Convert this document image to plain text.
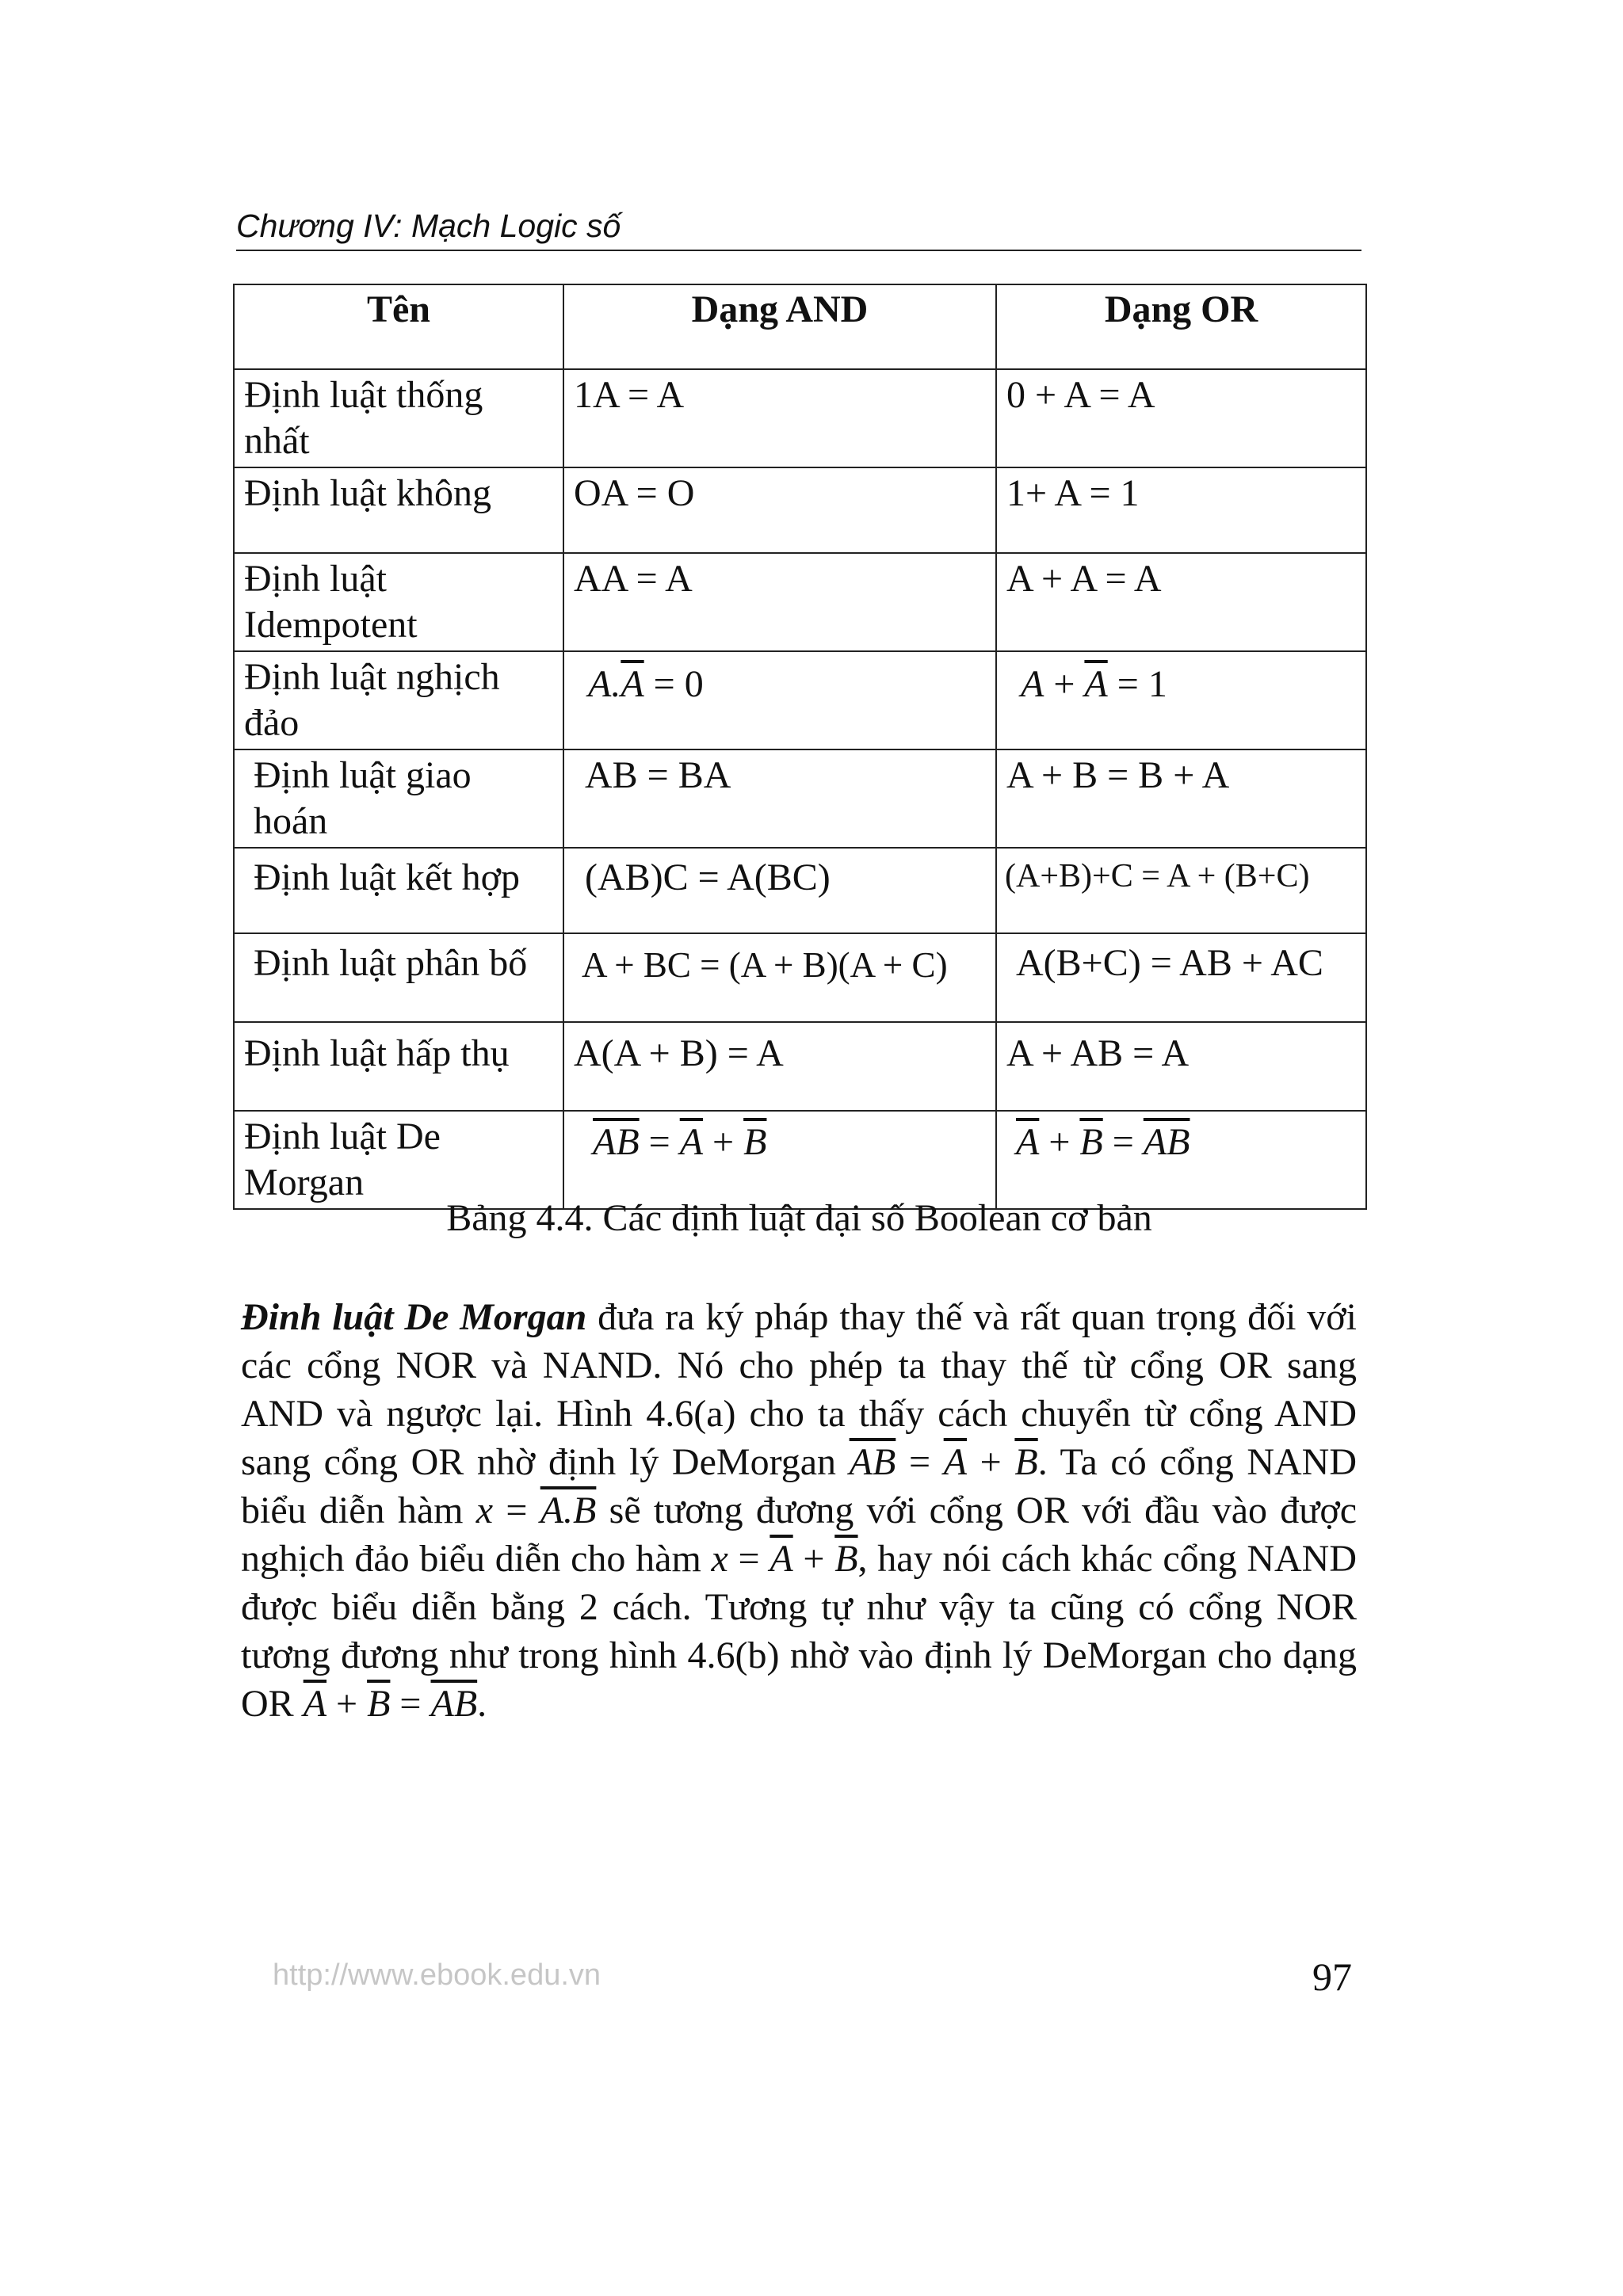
Chương IV: Mạch Logic số
Tên	Dạng AND	Dạng OR
Định luật thống nhất	1A = A	0 + A = A
Định luật không	OA = O	1+ A = 1
Định luật Idempotent	AA = A	A + A = A
Định luật nghịch đảo	$A.\overline{A} = 0$	$A + \overline{A} = 1$
Định luật giao hoán	AB = BA	A + B = B + A
Định luật kết hợp	(AB)C = A(BC)	(A+B)+C = A + (B+C)
Định luật phân bố	A + BC = (A + B)(A + C)	A(B+C) = AB + AC
Định luật hấp thụ	A(A + B) = A	A + AB = A
Định luật De Morgan	$\overline{AB} = \overline{A} + \overline{B}$	$\overline{A} + \overline{B} = \overline{AB}$
Bảng 4.4. Các định luật đại số Boolean cơ bản
Đinh luật De Morgan đưa ra ký pháp thay thế và rất quan trọng đối với các cổng NOR và NAND. Nó cho phép ta thay thế từ cổng OR sang AND và ngược lại. Hình 4.6(a) cho ta thấy cách chuyển từ cổng AND sang cổng OR nhờ định lý DeMorgan $\overline{AB} = \overline{A} + \overline{B}$. Ta có cổng NAND biểu diễn hàm x = A.B sẽ tương đương với cổng OR với đầu vào được nghịch đảo biểu diễn cho hàm $x = \overline{A} + \overline{B}$, hay nói cách khác cổng NAND được biểu diễn bằng 2 cách. Tương tự như vậy ta cũng có cổng NOR tương đương như trong hình 4.6(b) nhờ vào định lý DeMorgan cho dạng OR $\overline{A} + \overline{B} = \overline{AB}$.
http://www.ebook.edu.vn	97
